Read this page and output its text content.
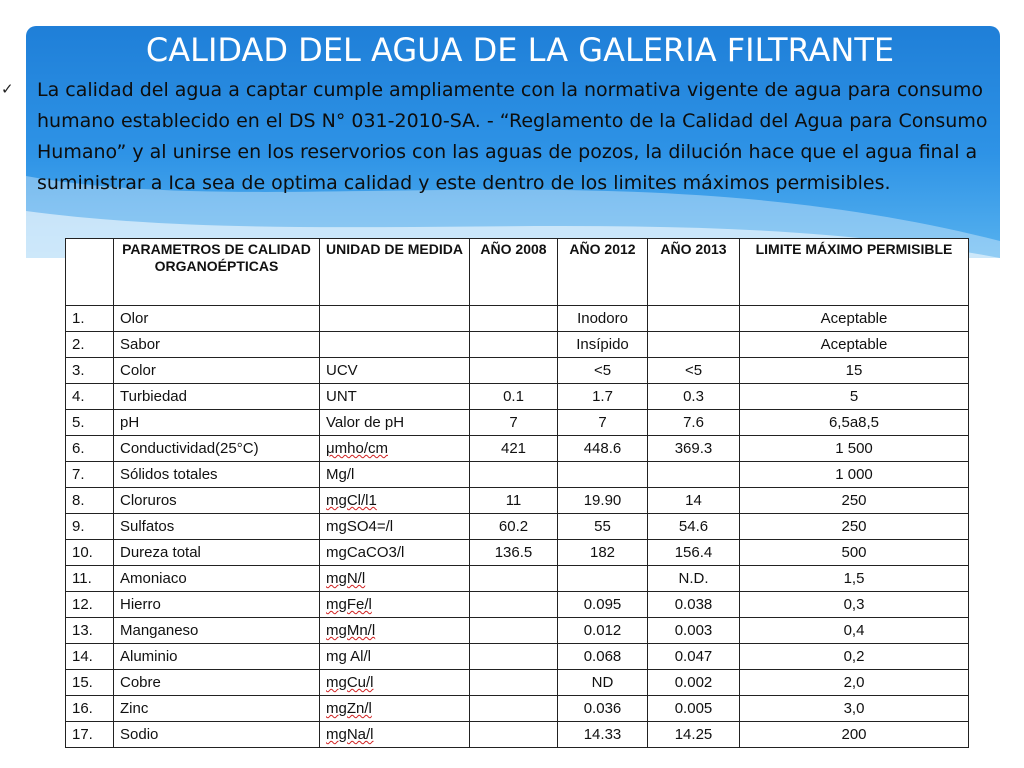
CALIDAD DEL AGUA DE LA GALERIA FILTRANTE
✓ La calidad del agua a captar cumple ampliamente con la normativa vigente de agua para consumo humano establecido en el DS N° 031-2010-SA. - “Reglamento de la Calidad del Agua para Consumo Humano” y al unirse en los reservorios con las aguas de pozos, la dilución hace que el agua final a suministrar a Ica sea de optima calidad y este dentro de los limites máximos permisibles.

	PARAMETROS DE CALIDAD ORGANOÉPTICAS	UNIDAD DE MEDIDA	AÑO 2008	AÑO 2012	AÑO 2013	LIMITE MÁXIMO PERMISIBLE
1.	Olor			Inodoro		Aceptable
2.	Sabor			Insípido		Aceptable
3.	Color	UCV		<5	<5	15
4.	Turbiedad	UNT	0.1	1.7	0.3	5
5.	pH	Valor de pH	7	7	7.6	6,5a8,5
6.	Conductividad(25°C)	μmho/cm	421	448.6	369.3	1 500
7.	Sólidos totales	Mg/l				1 000
8.	Cloruros	mgCl/l1	11	19.90	14	250
9.	Sulfatos	mgSO4=/l	60.2	55	54.6	250
10.	Dureza total	mgCaCO3/l	136.5	182	156.4	500
11.	Amoniaco	mgN/l			N.D.	1,5
12.	Hierro	mgFe/l		0.095	0.038	0,3
13.	Manganeso	mgMn/l		0.012	0.003	0,4
14.	Aluminio	mg Al/l		0.068	0.047	0,2
15.	Cobre	mgCu/l		ND	0.002	2,0
16.	Zinc	mgZn/l		0.036	0.005	3,0
17.	Sodio	mgNa/l		14.33	14.25	200
